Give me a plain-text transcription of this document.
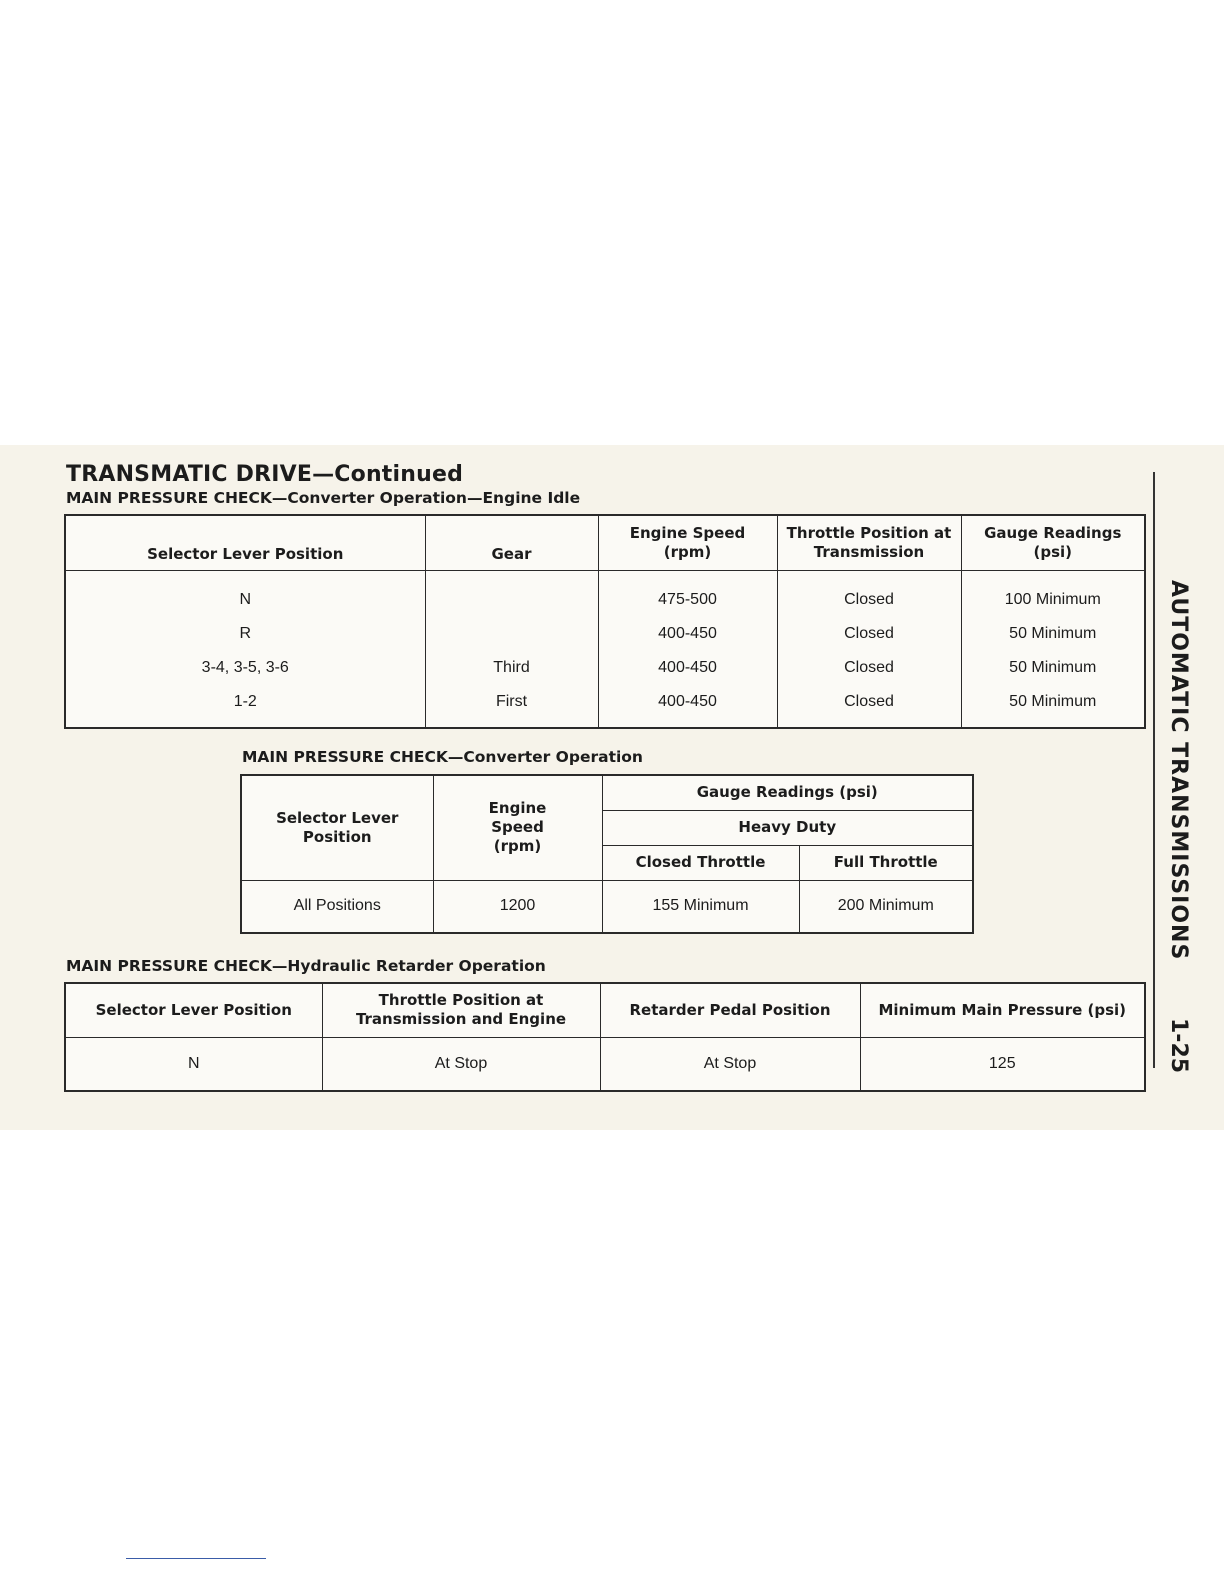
TRANSMATIC DRIVE—Continued
MAIN PRESSURE CHECK—Converter Operation—Engine Idle
Selector Lever Position	Gear	Engine Speed (rpm)	Throttle Position at Transmission	Gauge Readings (psi)

N		475-500	Closed	100 Minimum
R		400-450	Closed	50 Minimum
3-4, 3-5, 3-6	Third	400-450	Closed	50 Minimum
1-2	First	400-450	Closed	50 Minimum
MAIN PRESSURE CHECK—Converter Operation
Selector Lever Position	Engine Speed (rpm)	Gauge Readings (psi)	
		Heavy Duty	
		Closed Throttle	Full Throttle
All Positions	1200	155 Minimum	200 Minimum
MAIN PRESSURE CHECK—Hydraulic Retarder Operation
Selector Lever Position	Throttle Position at Transmission and Engine	Retarder Pedal Position	Minimum Main Pressure (psi)
N	At Stop	At Stop	125
AUTOMATIC TRANSMISSIONS
1-25
